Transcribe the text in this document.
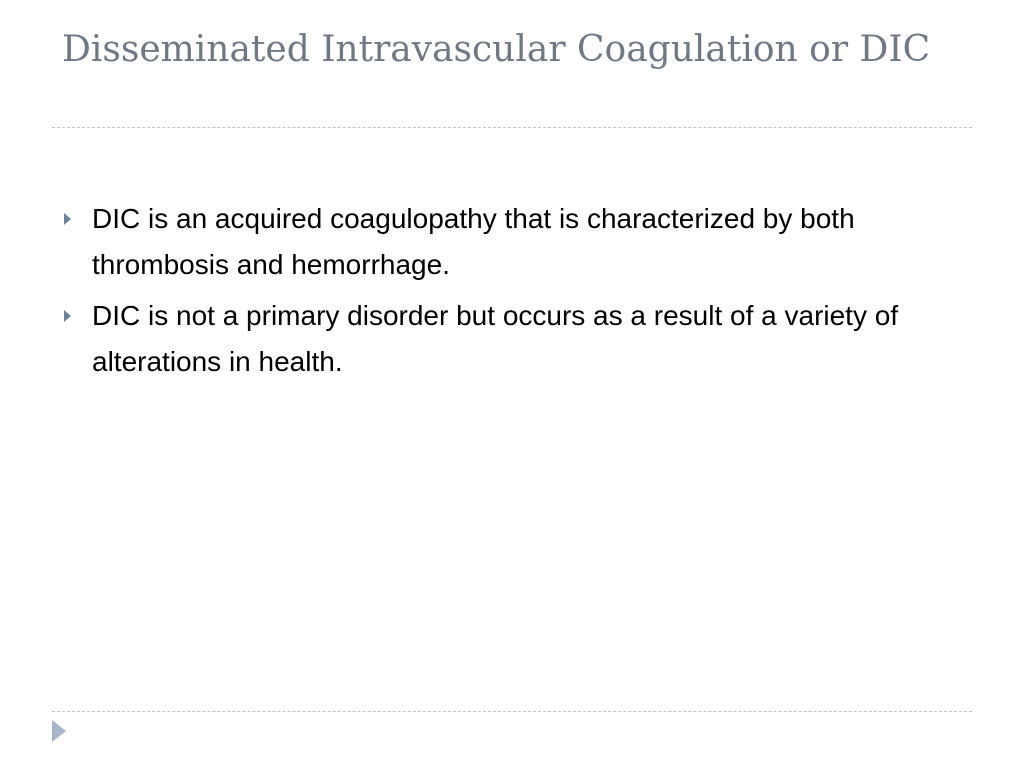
Disseminated Intravascular Coagulation or DIC
DIC is an acquired coagulopathy that is characterized by both thrombosis and hemorrhage.
DIC is not a primary disorder but occurs as a result of a variety of alterations in health.
